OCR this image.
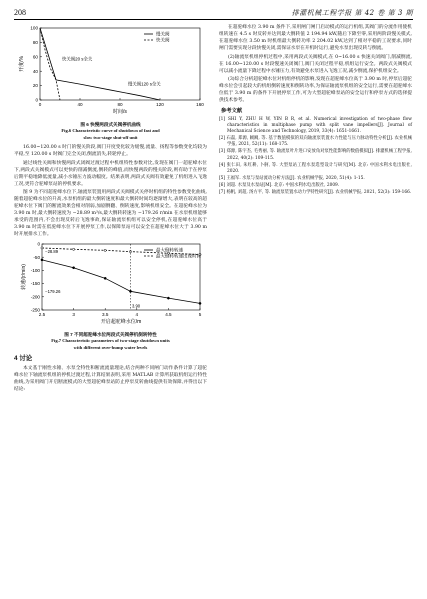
208	排灌机械工程学报 第 42 卷 第 3 期
0	40	80	120	160
0
20
40
60
80
100
时间/s
开度/%
慢关阀
快关阀
快关阀20 s全关
慢关阀120 s全关
图 6 快慢两段式关阀停机曲线
Fig.6 Characteristic curve of shutdown of fast and
slow two-stage shut-off unit

16.00~120.00 s 时门的慢关阶段,阀门开度变化较为缓慢,流量、扬程等参数变化均较为平稳,至 120.00 s 时阀门完全关闭,倒流消失,转轮停止。

通过线性关阀和快慢两段式闭阀过渡过程中机组特性参数对比,发现在阀门一超驼峰水位下,两段式关阀模式可以更快的削减倒流,倒转的峰值,而快慢两段的慢关阶段,则有助于在停泵后期平稳地降低流量,减小水锤压力波动幅度。结果表明,两段式关阀有效避免了机组进入飞逸工况,更符合驼峰泵站的停机要求。

图 9 为不同超驼峰水位下,轴流泵装置用两段式关阀模式关停时机组的特性参数变化曲线,随着超驼峰水位的升高,水泵机组的最大倒转速度和最大倒转时间均逐渐增大,表明在较高的超驼峰水位下阀门的断流效果会相对削弱,加剧倒翻、倒转速度,影响机组安全。在超驼峰水位为 3.90 m 时,最大倒转速度为 −28.89 m³/s,最大倒转转速为 −179.26 r/min 在水泵机组能够承受的范围内,不会出现反转后飞逸事故,保证轴流泵机组可以安全停机,在超驼峰水位高于 3.90 m 时需在低驼峰水位下开展停泵工作,以保障泵站可以安全在超驼峰水位大于 3.90 m 时开展排水工作。

2.5	3	3.5	4	4.5	5
0
-50
-100
-150
-200
-250
开启超驼峰水位/m
转速/(r/min)
最大倒转转速
最大倒转转速出现时间
−28.89
−179.26
3.90
图 7 不同超驼峰水位两段式关阀停机倒转特性
Fig.7 Characteristic parameters of two-stage shutdown units
with different over-hump water levels
4 讨论

本文基于刚性水锤、水泵全特性和断流流量理论,结合两种不同闸门动作条件计算了超驼峰水位下轴流泵机组的停机过渡过程,计算结果表明,采用 MATLAB 计算所获取机组运行特性曲线,为采用阀门开启断流模式的大型超驼峰泵站防止停泵反转曲线提供有效保障,并得出以下结论:

在超驼峰水位 3.90 m 条件下,采用闸门闸门启动模式的运行机组,其阀门的分流作用使机组转速在 4.5 s 时反转并达到最大倒转值 2 194.94 kW,随后下降至零,采用两阶段慢关模式,在超驼峰水位 3.50 m 时机组最大倒转功率 2 204.02 kW,达到了相对平稳的工况要求,同时闸门需要实现分段快慢关闭,需保证水泵在开机时运行,避免水泵出现反转与倒流。

(2)轴流泵机组停机过程中,采用两段式关阀模式,在 0~16.00 s 快速关闭阀门,削减倒流,在 16.00~120.00 s 时段慢速关闭阀门,阀门关闭过程平稳,机组运行安全。两段式关阀模式可以减小流量下降过程中水锤压力,有效避免水泵进入飞逸工况,减少倒流,保护机组安全。

(3)综合分析超驼峰水位对机组停机的影响,发现在超驼峰水位高于 3.90 m 时,停泵后超驼峰水位会引起较大的机组倒转速度和倒转功率,为保证轴流泵机组的安全运行,需要在超驼峰水位低于 3.90 m 的条件下开展停泵工作,可为大型超驼峰泵站的安全运行和停泵方式的选择提供技术参考。

参考文献
[1] SHI Y, ZHU H W, YIN B R, et al. Numerical investigation of two-phase flow characteristics in multiphase pump with split vane impellers[J]. Journal of Mechanical Science and Technology, 2019, 33(4): 1651-1661.
[2] 石磊, 郑源, 阚阚, 等. 基于数值模拟的双向轴流泵装置水力性能与压力脉动特性分析[J]. 农业机械学报, 2021, 52(11): 168-175.
[3] 郑源, 陈宇杰, 毛秀丽, 等. 轴流泵叶片进口安放角对泵性能影响的数值模拟[J]. 排灌机械工程学报, 2022, 40(2): 109-115.
[4] 张仁田, 朱红耕, 卜舸, 等. 大型泵站工程水泵选型设计与研究[M]. 北京: 中国水利水电出版社, 2020.
[5] 王福军. 水泵与泵站流动分析方法[J]. 农业机械学报, 2020, 51(4): 1-15.
[6] 刘超. 水泵及水泵站[M]. 北京: 中国水利水电出版社, 2009.
[7] 杨帆, 刘超, 汤方平, 等. 轴流泵装置水动力学特性研究[J]. 农业机械学报, 2021, 52(3): 159-166.
